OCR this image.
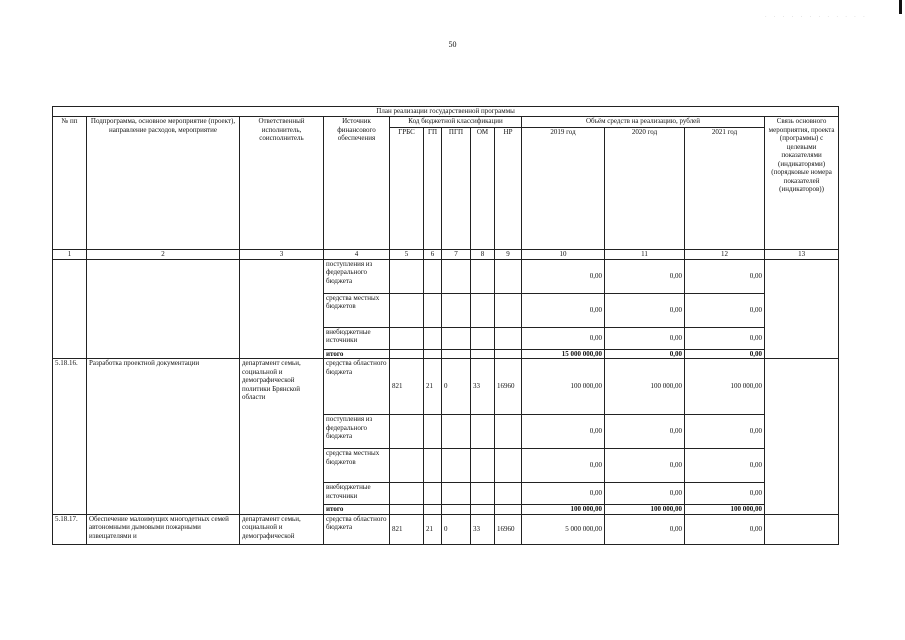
· · · · · · · · · · · ·
50
План реализации государственной программы												
№ пп	Подпрограмма, основное мероприятие (проект), направление расходов, мероприятие	Ответственный исполнитель, соисполнитель	Источник финансового обеспечения	Код бюджетной классификации					Объём средств на реализацию, рублей			Связь основного мероприятия, проекта (программы) с целевыми показателями (индикаторями) (порядковые номера показателей (индикаторов))
				ГРБС	ГП	ПГП	ОМ	НР	2019 год	2020 год	2021 год	
1	2	3	4	5	6	7	8	9	10	11	12	13
			поступления из федерального бюджета						0,00	0,00	0,00	
			средства местных бюджетов						0,00	0,00	0,00	
			внебюджетные источники						0,00	0,00	0,00	
			итого						15 000 000,00	0,00	0,00	
5.18.16.	Разработка проектной документации	департамент семьи, социальной и демографической политики Брянской области	средства областного бюджета	821	21	0	33	16960	100 000,00	100 000,00	100 000,00	
			поступления из федерального бюджета						0,00	0,00	0,00	
			средства местных бюджетов						0,00	0,00	0,00	
			внебюджетные источники						0,00	0,00	0,00	
			итого						100 000,00	100 000,00	100 000,00	
5.18.17.	Обеспечение малоимущих многодетных семей автономными дымовыми пожарными извещателями и	департамент семьи, социальной и демографической	средства областного бюджета	821	21	0	33	16960	5 000 000,00	0,00	0,00	
